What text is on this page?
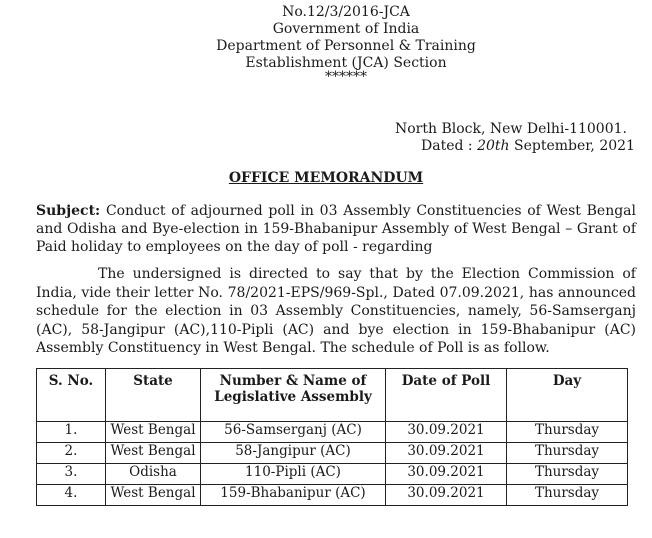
No.12/3/2016-JCA
Government of India
Department of Personnel & Training
Establishment (JCA) Section
******
North Block, New Delhi-110001.
Dated : 20th September, 2021
OFFICE MEMORANDUM
Subject: Conduct of adjourned poll in 03 Assembly Constituencies of West Bengal and Odisha and Bye-election in 159-Bhabanipur Assembly of West Bengal – Grant of Paid holiday to employees on the day of poll - regarding
The undersigned is directed to say that by the Election Commission of India, vide their letter No. 78/2021-EPS/969-Spl., Dated 07.09.2021, has announced schedule for the election in 03 Assembly Constituencies, namely, 56-Samserganj (AC), 58-Jangipur (AC),110-Pipli (AC) and bye election in 159-Bhabanipur (AC) Assembly Constituency in West Bengal. The schedule of Poll is as follow.
S. No.	State	Number & Name of Legislative Assembly	Date of Poll	Day
1.	West Bengal	56-Samserganj (AC)	30.09.2021	Thursday
2.	West Bengal	58-Jangipur (AC)	30.09.2021	Thursday
3.	Odisha	110-Pipli (AC)	30.09.2021	Thursday
4.	West Bengal	159-Bhabanipur (AC)	30.09.2021	Thursday
